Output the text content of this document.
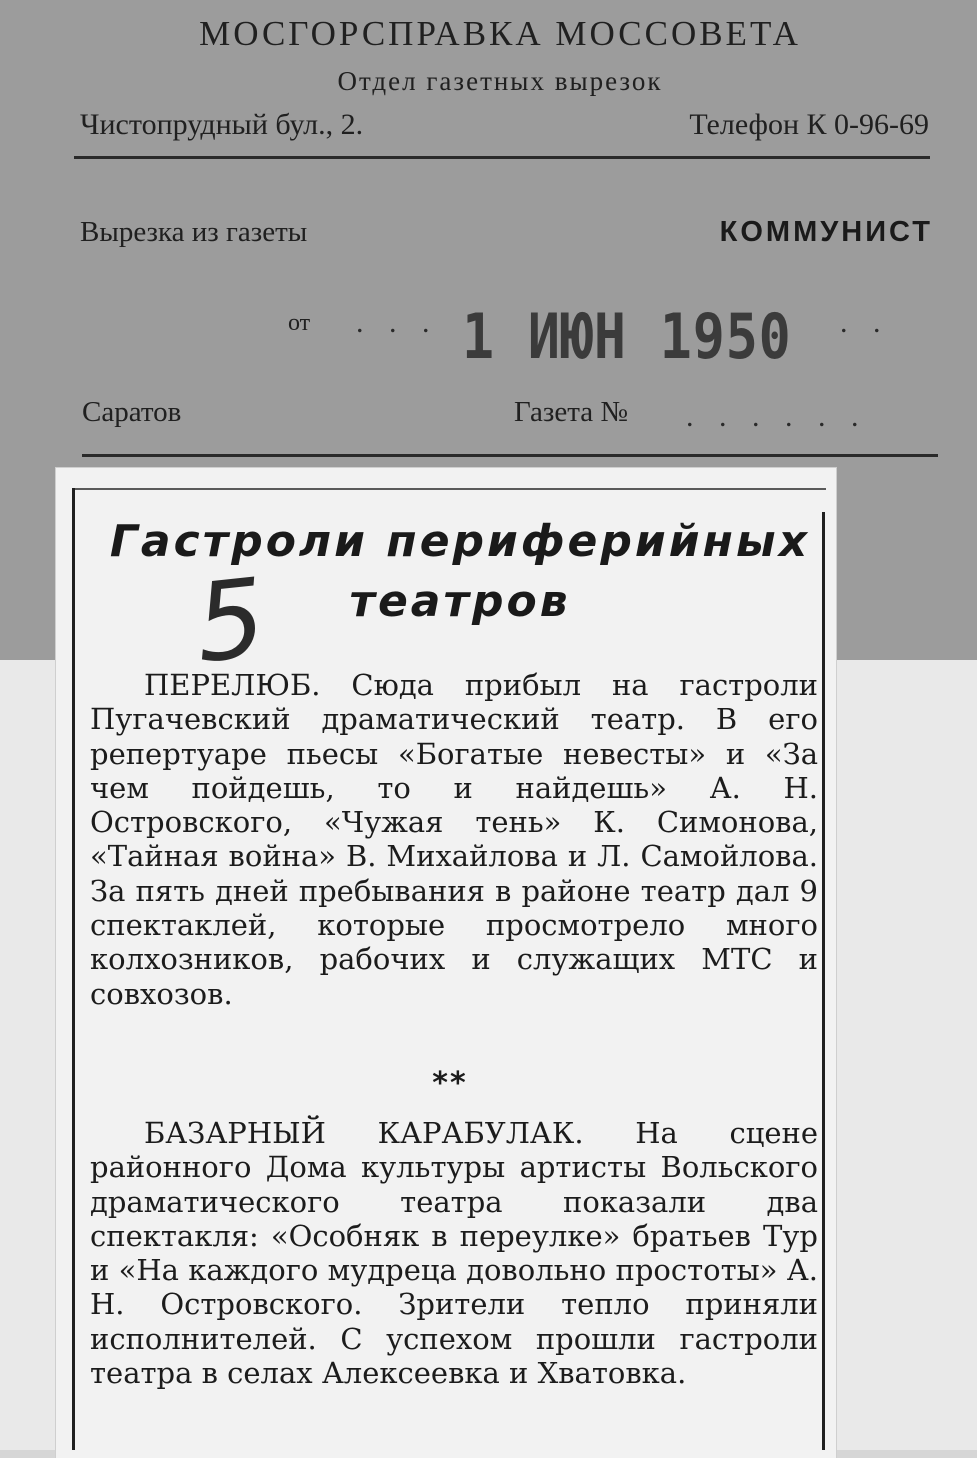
МОСГОРСПРАВКА МОССОВЕТА
Отдел газетных вырезок
Чистопрудный бул., 2.	Телефон К 0-96-69
Вырезка из газеты	КОММУНИСТ
от . . . 1 ИЮН 1950 . .
Саратов	Газета № . . . . . .
Гастроли периферийных театров
5

ПЕРЕЛЮБ. Сюда прибыл на гастроли Пугачевский драматический театр. В его репертуаре пьесы «Богатые невесты» и «За чем пойдешь, то и найдешь» А. Н. Островского, «Чужая тень» К. Симонова, «Тайная война» В. Михайлова и Л. Самойлова. За пять дней пребывания в районе театр дал 9 спектаклей, которые просмотрело много колхозников, рабочих и служащих МТС и совхозов.

**

БАЗАРНЫЙ КАРАБУЛАК. На сцене районного Дома культуры артисты Вольского драматического театра показали два спектакля: «Особняк в переулке» братьев Тур и «На каждого мудреца довольно простоты» А. Н. Островского. Зрители тепло приняли исполнителей. С успехом прошли гастроли театра в селах Алексеевка и Хватовка.
